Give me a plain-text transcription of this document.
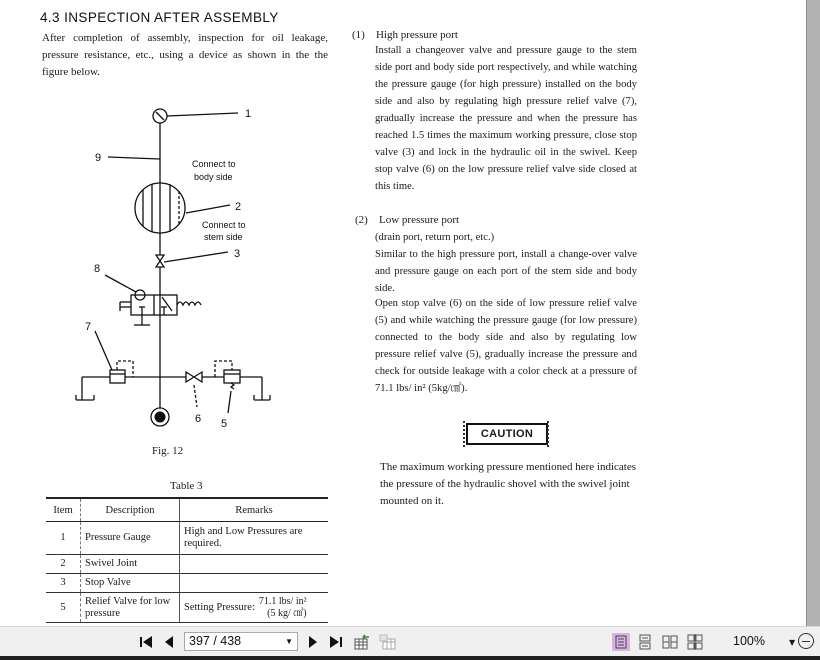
4.3 INSPECTION AFTER ASSEMBLY
After completion of assembly, inspection for oil leakage, pressure resistance, etc., using a device as shown in the the figure below.
(1) High pressure port
Install a changeover valve and pressure gauge to the stem side port and body side port respectively, and while watching the pressure gauge (for high pressure) installed on the body side and also by regulating high pressure relief valve (7), gradually increase the pressure and when the pressure has reached 1.5 times the maximum working pressure, close stop valve (3) and lock in the hydraulic oil in the swivel. Keep stop valve (6) on the low pressure relief valve side closed at this time.
(2) Low pressure port
(drain port, return port, etc.)
Similar to the high pressure port, install a change-over valve and pressure gauge on each port of the stem side and body side.
Open stop valve (6) on the side of low pressure relief valve (5) and while watching the pressure gauge (for low pressure) connected to the body side and also by regulating low pressure relief valve (5), gradually increase the pressure and check for outside leakage with a color check at a pressure of 71.1 lbs/ in² (5kg/㎠).
CAUTION
The maximum working pressure mentioned here indicates the pressure of the hydraulic shovel with the swivel joint mounted on it.
1
2
3
5
6
7
8
9	Connect to
body side
Connect to
stem side
Fig. 12
Table 3
Item	Description	Remarks
1	Pressure Gauge	High and Low Pressures are required.
2	Swivel Joint	
3	Stop Valve	
5	Relief Valve for low pressure	Setting Pressure:
71.1 lbs/ in²
(5 kg/ ㎠)
397 / 438	▼	100%	▼
